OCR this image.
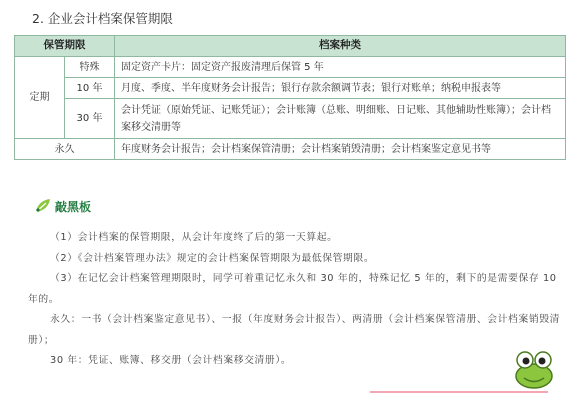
2. 企业会计档案保管期限
保管期限		档案种类
定期	特殊	固定资产卡片：固定资产报废清理后保管 5 年
	10 年	月度、季度、半年度财务会计报告；银行存款余额调节表；银行对账单；纳税申报表等
	30 年	会计凭证（原始凭证、记账凭证）；会计账簿（总账、明细账、日记账、其他辅助性账簿）；会计档案移交清册等
永久		年度财务会计报告；会计档案保管清册；会计档案销毁清册；会计档案鉴定意见书等
敲黑板

（1）会计档案的保管期限，从会计年度终了后的第一天算起。

（2）《会计档案管理办法》规定的会计档案保管期限为最低保管期限。

（3）在记忆会计档案管理期限时，同学可着重记忆永久和 30 年的，特殊记忆 5 年的，剩下的是需要保存 10 年的。

永久：一书（会计档案鉴定意见书）、一报（年度财务会计报告）、两清册（会计档案保管清册、会计档案销毁清册）；

30 年：凭证、账簿、移交册（会计档案移交清册）。
